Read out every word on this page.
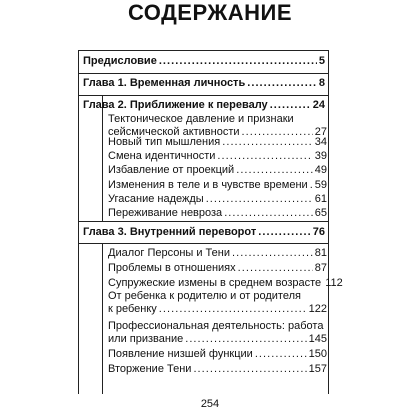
СОДЕРЖАНИЕ
Предисловие . . .	5
Глава 1. Временная личность . . .	8
Глава 2. Приближение к перевалу . . .	24
Тектоническое давление и признаки
сейсмической активности . . .	27
Новый тип мышления . . .	34
Смена идентичности . . .	39
Избавление от проекций . . .	49
Изменения в теле и в чувстве времени . . . 59
Угасание надежды . . .	61
Переживание невроза . . .	65
Глава 3. Внутренний переворот . . .	76
Диалог Персоны и Тени . . .	81
Проблемы в отношениях . . .	87
Супружеские измены в среднем возрасте 112
От ребенка к родителю и от родителя
к ребенку . . .	122
Профессиональная деятельность: работа
или призвание . . .	145
Появление низшей функции . . .	150
Вторжение Тени . . .	157
254
